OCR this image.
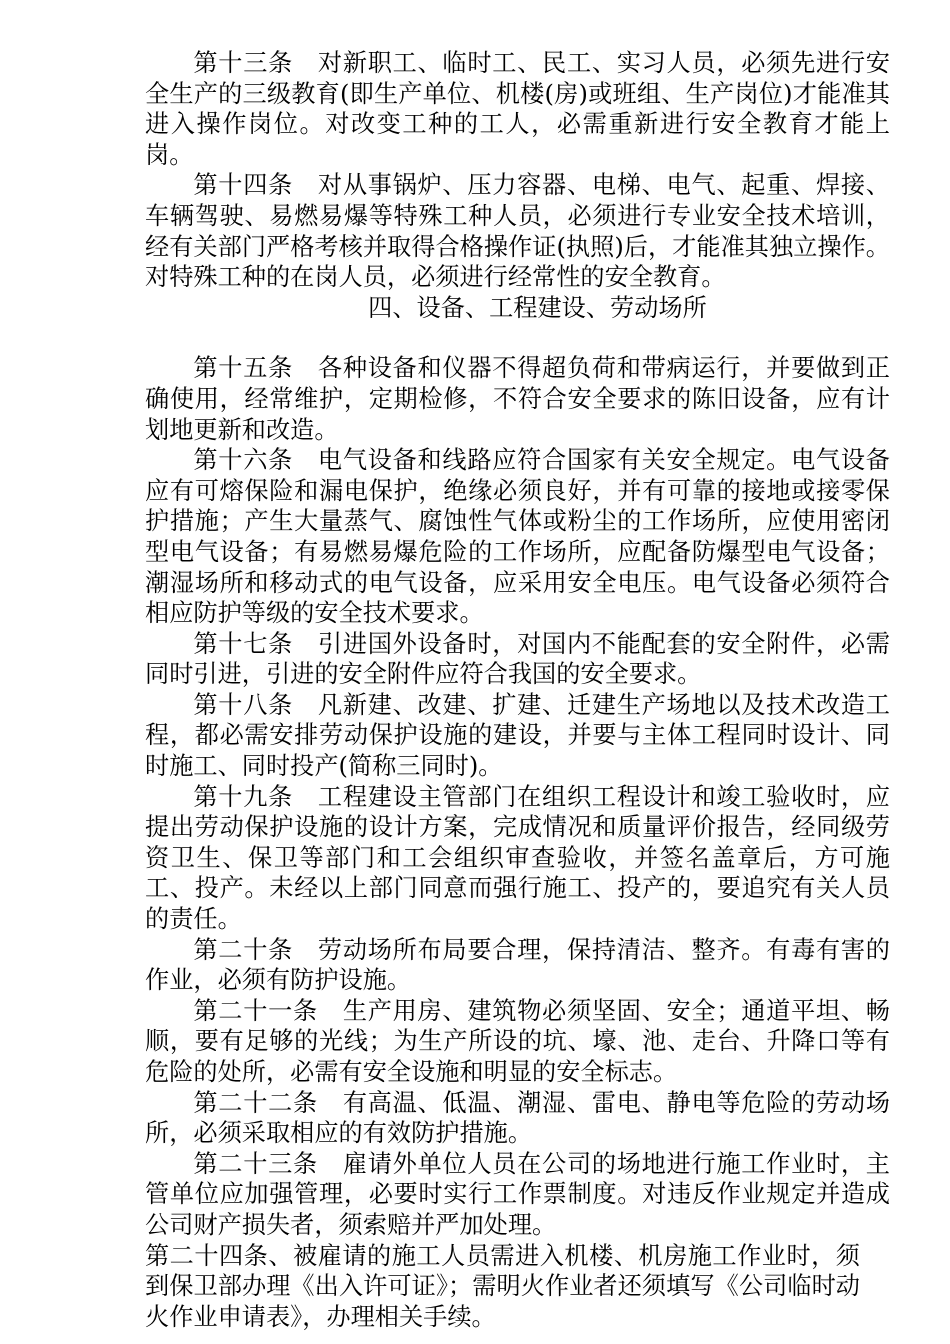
第十三条 对新职工、临时工、民工、实习人员，必须先进行安全生产的三级教育(即生产单位、机楼(房)或班组、生产岗位)才能准其进入操作岗位。对改变工种的工人，必需重新进行安全教育才能上岗。

第十四条 对从事锅炉、压力容器、电梯、电气、起重、焊接、车辆驾驶、易燃易爆等特殊工种人员，必须进行专业安全技术培训，经有关部门严格考核并取得合格操作证(执照)后，才能准其独立操作。对特殊工种的在岗人员，必须进行经常性的安全教育。

四、设备、工程建设、劳动场所

第十五条 各种设备和仪器不得超负荷和带病运行，并要做到正确使用，经常维护，定期检修，不符合安全要求的陈旧设备，应有计划地更新和改造。

第十六条 电气设备和线路应符合国家有关安全规定。电气设备应有可熔保险和漏电保护，绝缘必须良好，并有可靠的接地或接零保护措施；产生大量蒸气、腐蚀性气体或粉尘的工作场所，应使用密闭型电气设备；有易燃易爆危险的工作场所，应配备防爆型电气设备；潮湿场所和移动式的电气设备，应采用安全电压。电气设备必须符合相应防护等级的安全技术要求。

第十七条 引进国外设备时，对国内不能配套的安全附件，必需同时引进，引进的安全附件应符合我国的安全要求。

第十八条 凡新建、改建、扩建、迁建生产场地以及技术改造工程，都必需安排劳动保护设施的建设，并要与主体工程同时设计、同时施工、同时投产(简称三同时)。

第十九条 工程建设主管部门在组织工程设计和竣工验收时，应提出劳动保护设施的设计方案，完成情况和质量评价报告，经同级劳资卫生、保卫等部门和工会组织审查验收，并签名盖章后，方可施工、投产。未经以上部门同意而强行施工、投产的，要追究有关人员的责任。

第二十条 劳动场所布局要合理，保持清洁、整齐。有毒有害的作业，必须有防护设施。

第二十一条 生产用房、建筑物必须坚固、安全；通道平坦、畅顺，要有足够的光线；为生产所设的坑、壕、池、走台、升降口等有危险的处所，必需有安全设施和明显的安全标志。

第二十二条 有高温、低温、潮湿、雷电、静电等危险的劳动场所，必须采取相应的有效防护措施。

第二十三条 雇请外单位人员在公司的场地进行施工作业时，主管单位应加强管理，必要时实行工作票制度。对违反作业规定并造成公司财产损失者，须索赔并严加处理。

第二十四条、被雇请的施工人员需进入机楼、机房施工作业时，须到保卫部办理《出入许可证》；需明火作业者还须填写《公司临时动火作业申请表》，办理相关手续。
